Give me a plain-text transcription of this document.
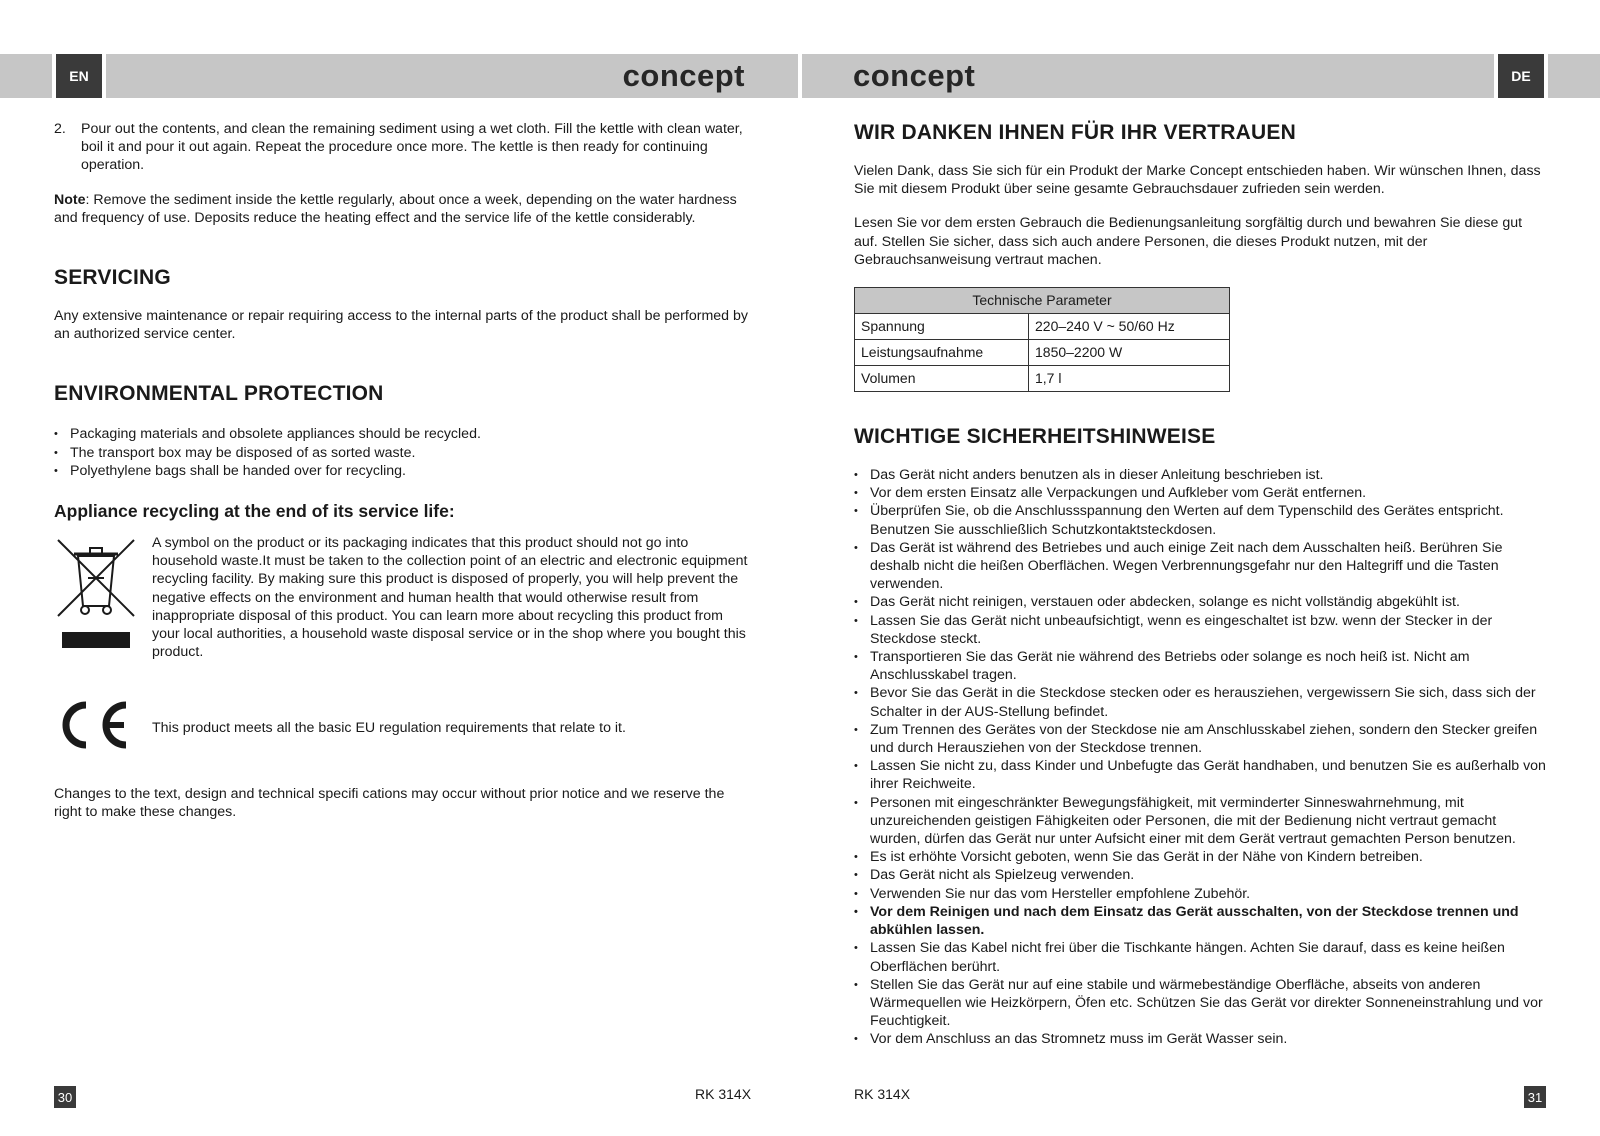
EN	DE
concept	concept
2.	Pour out the contents, and clean the remaining sediment using a wet cloth. Fill the kettle with clean water, boil it and pour it out again. Repeat the procedure once more. The kettle is then ready for continuing operation.

Note: Remove the sediment inside the kettle regularly, about once a week, depending on the water hardness and frequency of use. Deposits reduce the heating effect and the service life of the kettle considerably.

SERVICING

Any extensive maintenance or repair requiring access to the internal parts of the product shall be performed by an authorized service center.

ENVIRONMENTAL PROTECTION
• Packaging materials and obsolete appliances should be recycled.
• The transport box may be disposed of as sorted waste.
• Polyethylene bags shall be handed over for recycling.
Appliance recycling at the end of its service life:

A symbol on the product or its packaging indicates that this product should not go into household waste.It must be taken to the collection point of an electric and electronic equipment recycling facility. By making sure this product is disposed of properly, you will help prevent the negative effects on the environment and human health that would otherwise result from inappropriate disposal of this product. You can learn more about recycling this product from your local authorities, a household waste disposal service or in the shop where you bought this product.

This product meets all the basic EU regulation requirements that relate to it.

Changes to the text, design and technical specifi cations may occur without prior notice and we reserve the right to make these changes.

WIR DANKEN IHNEN FÜR IHR VERTRAUEN

Vielen Dank, dass Sie sich für ein Produkt der Marke Concept entschieden haben. Wir wünschen Ihnen, dass Sie mit diesem Produkt über seine gesamte Gebrauchsdauer zufrieden sein werden.

Lesen Sie vor dem ersten Gebrauch die Bedienungsanleitung sorgfältig durch und bewahren Sie diese gut auf. Stellen Sie sicher, dass sich auch andere Personen, die dieses Produkt nutzen, mit der Gebrauchsanweisung vertraut machen.

Technische Parameter	
Spannung	220–240 V ~ 50/60 Hz
Leistungsaufnahme	1850–2200 W
Volumen	1,7 l
WICHTIGE SICHERHEITSHINWEISE
• Das Gerät nicht anders benutzen als in dieser Anleitung beschrieben ist.
• Vor dem ersten Einsatz alle Verpackungen und Aufkleber vom Gerät entfernen.
• Überprüfen Sie, ob die Anschlussspannung den Werten auf dem Typenschild des Gerätes entspricht. Benutzen Sie ausschließlich Schutzkontaktsteckdosen.
• Das Gerät ist während des Betriebes und auch einige Zeit nach dem Ausschalten heiß. Berühren Sie deshalb nicht die heißen Oberflächen. Wegen Verbrennungsgefahr nur den Haltegriff und die Tasten verwenden.
• Das Gerät nicht reinigen, verstauen oder abdecken, solange es nicht vollständig abgekühlt ist.
• Lassen Sie das Gerät nicht unbeaufsichtigt, wenn es eingeschaltet ist bzw. wenn der Stecker in der Steckdose steckt.
• Transportieren Sie das Gerät nie während des Betriebs oder solange es noch heiß ist. Nicht am Anschlusskabel tragen.
• Bevor Sie das Gerät in die Steckdose stecken oder es herausziehen, vergewissern Sie sich, dass sich der Schalter in der AUS-Stellung befindet.
• Zum Trennen des Gerätes von der Steckdose nie am Anschlusskabel ziehen, sondern den Stecker greifen und durch Herausziehen von der Steckdose trennen.
• Lassen Sie nicht zu, dass Kinder und Unbefugte das Gerät handhaben, und benutzen Sie es außerhalb von ihrer Reichweite.
• Personen mit eingeschränkter Bewegungsfähigkeit, mit verminderter Sinneswahrnehmung, mit unzureichenden geistigen Fähigkeiten oder Personen, die mit der Bedienung nicht vertraut gemacht wurden, dürfen das Gerät nur unter Aufsicht einer mit dem Gerät vertraut gemachten Person benutzen.
• Es ist erhöhte Vorsicht geboten, wenn Sie das Gerät in der Nähe von Kindern betreiben.
• Das Gerät nicht als Spielzeug verwenden.
• Verwenden Sie nur das vom Hersteller empfohlene Zubehör.
• Vor dem Reinigen und nach dem Einsatz das Gerät ausschalten, von der Steckdose trennen und abkühlen lassen.
• Lassen Sie das Kabel nicht frei über die Tischkante hängen. Achten Sie darauf, dass es keine heißen Oberflächen berührt.
• Stellen Sie das Gerät nur auf eine stabile und wärmebeständige Oberfläche, abseits von anderen Wärmequellen wie Heizkörpern, Öfen etc. Schützen Sie das Gerät vor direkter Sonneneinstrahlung und vor Feuchtigkeit.
• Vor dem Anschluss an das Stromnetz muss im Gerät Wasser sein.
30	RK 314X	RK 314X	31
